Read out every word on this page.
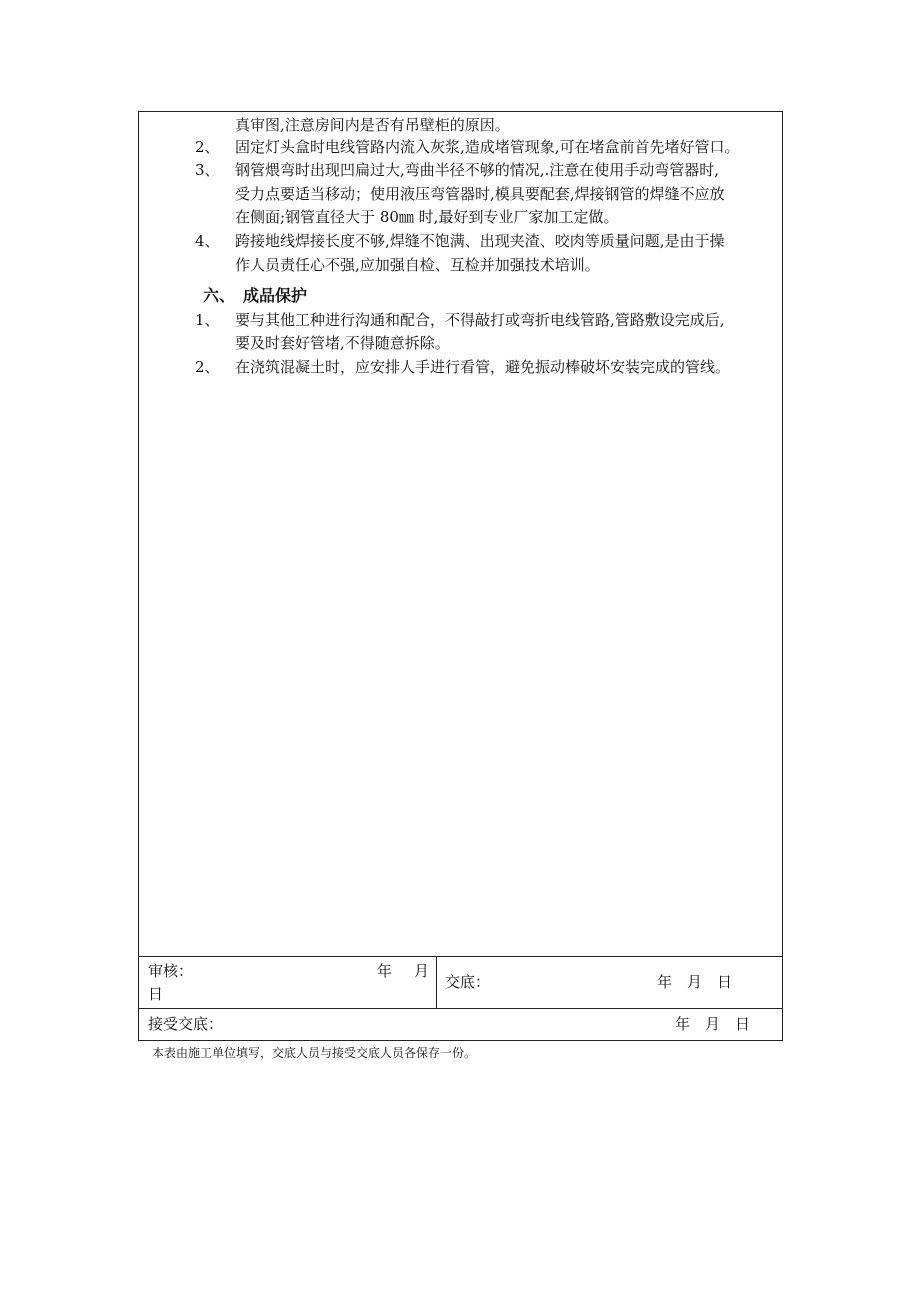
真审图,注意房间内是否有吊壁柜的原因。
2、 固定灯头盒时电线管路内流入灰浆,造成堵管现象,可在堵盒前首先堵好管口。
3、 钢管煨弯时出现凹扁过大,弯曲半径不够的情况,.注意在使用手动弯管器时,
受力点要适当移动；使用液压弯管器时,模具要配套,焊接钢管的焊缝不应放
在侧面;钢管直径大于 80㎜ 时,最好到专业厂家加工定做。
4、 跨接地线焊接长度不够,焊缝不饱满、出现夹渣、咬肉等质量问题,是由于操
作人员责任心不强,应加强自检、互检并加强技术培训。
六、 成品保护
1、 要与其他工种进行沟通和配合，不得敲打或弯折电线管路,管路敷设完成后,
要及时套好管堵,不得随意拆除。
2、 在浇筑混凝土时，应安排人手进行看管，避免振动棒破坏安装完成的管线。
审核：	年 月
日
交底：	年　月　日
接受交底：	年　月　日
本表由施工单位填写，交底人员与接受交底人员各保存一份。
